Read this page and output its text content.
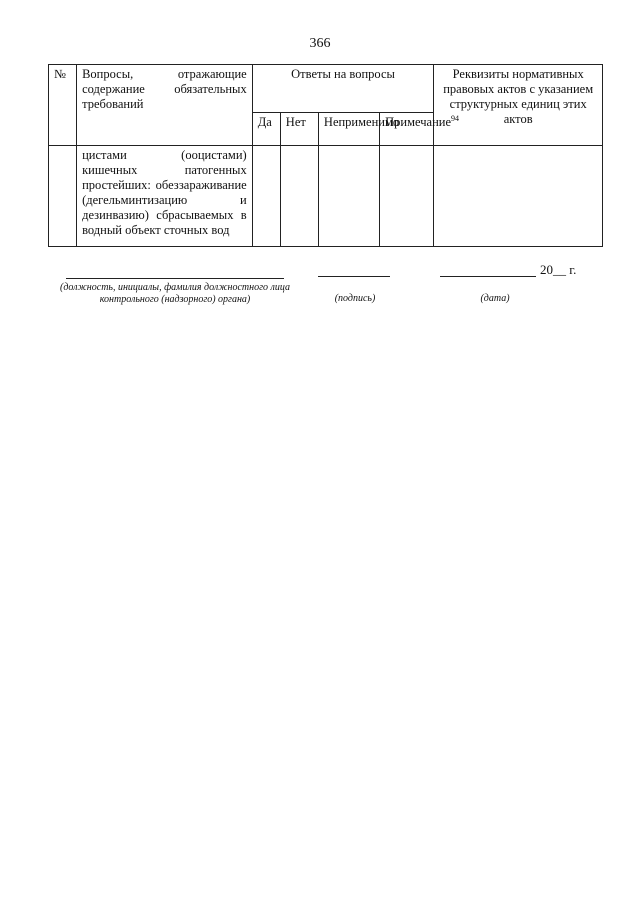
366
№	Вопросы, отражающие содержание обязательных требований	Ответы на вопросы				Реквизиты нормативных правовых актов с указанием структурных единиц этих актов
		Да	Нет	Неприменимо	Примечание$^{94}$
	цистами (ооцистами) кишечных патогенных простейших: обеззараживание (дегельминтизацию и дезинвазию) сбрасываемых в водный объект сточных вод					
(должность, инициалы, фамилия должностного лица контрольного (надзорного) органа)	(подпись)
20__ г.
(дата)
